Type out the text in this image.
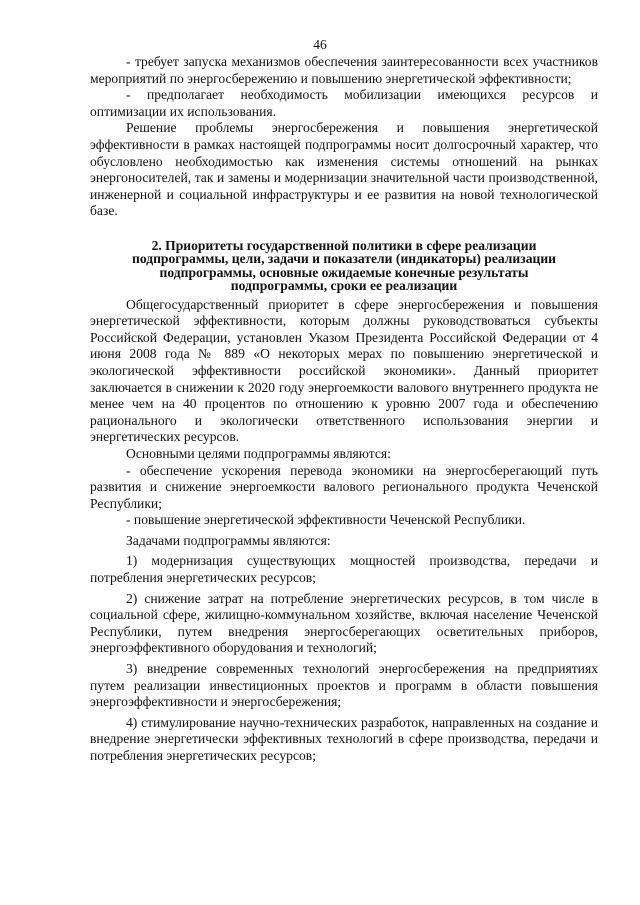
46

- требует запуска механизмов обеспечения заинтересованности всех участников мероприятий по энергосбережению и повышению энергетической эффективности;

- предполагает необходимость мобилизации имеющихся ресурсов и оптимизации их использования.

Решение проблемы энергосбережения и повышения энергетической эффективности в рамках настоящей подпрограммы носит долгосрочный характер, что обусловлено необходимостью как изменения системы отношений на рынках энергоносителей, так и замены и модернизации значительной части производственной, инженерной и социальной инфраструктуры и ее развития на новой технологической базе.

2. Приоритеты государственной политики в сфере реализации
подпрограммы, цели, задачи и показатели (индикаторы) реализации
подпрограммы, основные ожидаемые конечные результаты
подпрограммы, сроки ее реализации

Общегосударственный приоритет в сфере энергосбережения и повышения энергетической эффективности, которым должны руководствоваться субъекты Российской Федерации, установлен Указом Президента Российской Федерации от 4 июня 2008 года № 889 «О некоторых мерах по повышению энергетической и экологической эффективности российской экономики». Данный приоритет заключается в снижении к 2020 году энергоемкости валового внутреннего продукта не менее чем на 40 процентов по отношению к уровню 2007 года и обеспечению рационального и экологически ответственного использования энергии и энергетических ресурсов.

Основными целями подпрограммы являются:

- обеспечение ускорения перевода экономики на энергосберегающий путь развития и снижение энергоемкости валового регионального продукта Чеченской Республики;

- повышение энергетической эффективности Чеченской Республики.

Задачами подпрограммы являются:

1) модернизация существующих мощностей производства, передачи и потребления энергетических ресурсов;

2) снижение затрат на потребление энергетических ресурсов, в том числе в социальной сфере, жилищно-коммунальном хозяйстве, включая население Чеченской Республики, путем внедрения энергосберегающих осветительных приборов, энергоэффективного оборудования и технологий;

3) внедрение современных технологий энергосбережения на предприятиях путем реализации инвестиционных проектов и программ в области повышения энергоэффективности и энергосбережения;

4) стимулирование научно-технических разработок, направленных на создание и внедрение энергетически эффективных технологий в сфере производства, передачи и потребления энергетических ресурсов;
